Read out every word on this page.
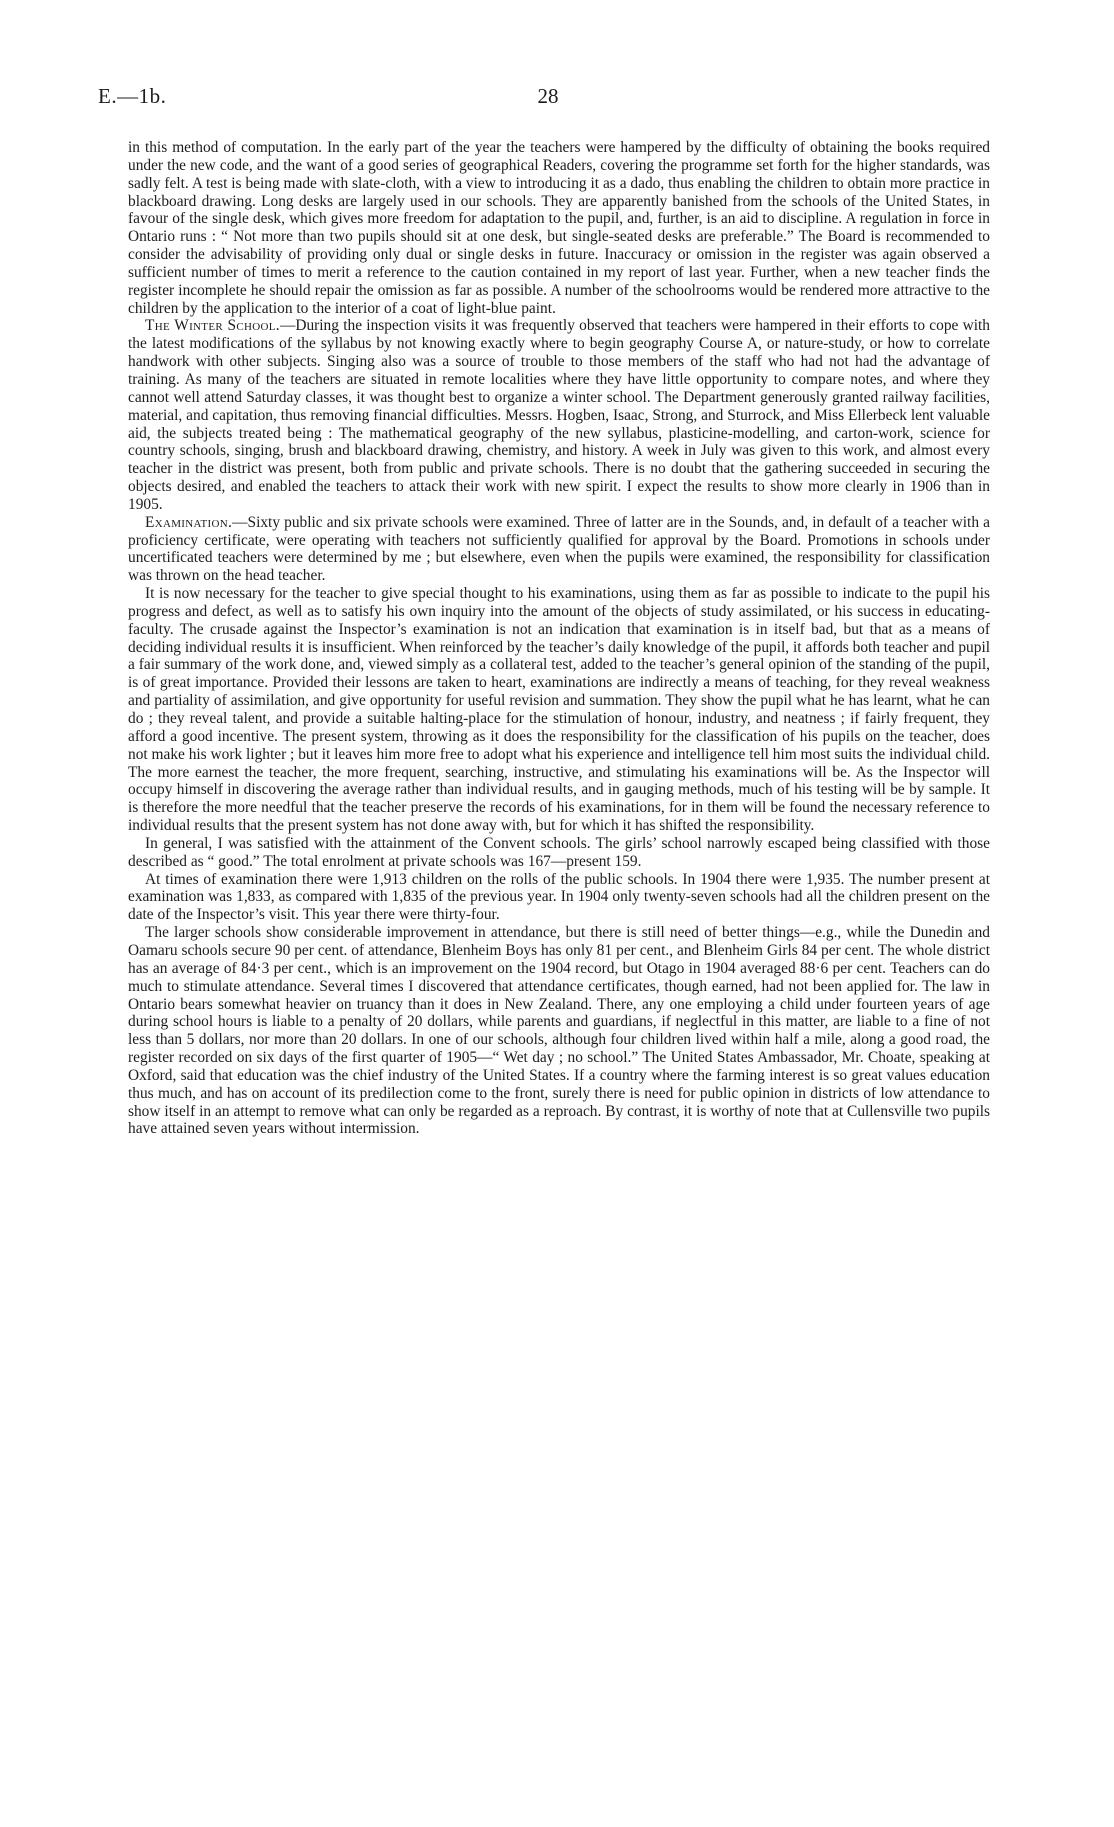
E.—1b.	28

in this method of computation. In the early part of the year the teachers were hampered by the difficulty of obtaining the books required under the new code, and the want of a good series of geographical Readers, covering the programme set forth for the higher standards, was sadly felt. A test is being made with slate-cloth, with a view to introducing it as a dado, thus enabling the children to obtain more practice in blackboard drawing. Long desks are largely used in our schools. They are apparently banished from the schools of the United States, in favour of the single desk, which gives more freedom for adaptation to the pupil, and, further, is an aid to discipline. A regulation in force in Ontario runs : “ Not more than two pupils should sit at one desk, but single-seated desks are preferable.” The Board is recommended to consider the advisability of providing only dual or single desks in future. Inaccuracy or omission in the register was again observed a sufficient number of times to merit a reference to the caution contained in my report of last year. Further, when a new teacher finds the register incomplete he should repair the omission as far as possible. A number of the schoolrooms would be rendered more attractive to the children by the application to the interior of a coat of light-blue paint.

The Winter School.—During the inspection visits it was frequently observed that teachers were hampered in their efforts to cope with the latest modifications of the syllabus by not knowing exactly where to begin geography Course A, or nature-study, or how to correlate handwork with other subjects. Singing also was a source of trouble to those members of the staff who had not had the advantage of training. As many of the teachers are situated in remote localities where they have little opportunity to compare notes, and where they cannot well attend Saturday classes, it was thought best to organize a winter school. The Department generously granted railway facilities, material, and capitation, thus removing financial difficulties. Messrs. Hogben, Isaac, Strong, and Sturrock, and Miss Ellerbeck lent valuable aid, the subjects treated being : The mathematical geography of the new syllabus, plasticine-modelling, and carton-work, science for country schools, singing, brush and blackboard drawing, chemistry, and history. A week in July was given to this work, and almost every teacher in the district was present, both from public and private schools. There is no doubt that the gathering succeeded in securing the objects desired, and enabled the teachers to attack their work with new spirit. I expect the results to show more clearly in 1906 than in 1905.

Examination.—Sixty public and six private schools were examined. Three of latter are in the Sounds, and, in default of a teacher with a proficiency certificate, were operating with teachers not sufficiently qualified for approval by the Board. Promotions in schools under uncertificated teachers were determined by me ; but elsewhere, even when the pupils were examined, the responsibility for classification was thrown on the head teacher.

It is now necessary for the teacher to give special thought to his examinations, using them as far as possible to indicate to the pupil his progress and defect, as well as to satisfy his own inquiry into the amount of the objects of study assimilated, or his success in educating-faculty. The crusade against the Inspector’s examination is not an indication that examination is in itself bad, but that as a means of deciding individual results it is insufficient. When reinforced by the teacher’s daily knowledge of the pupil, it affords both teacher and pupil a fair summary of the work done, and, viewed simply as a collateral test, added to the teacher’s general opinion of the standing of the pupil, is of great importance. Provided their lessons are taken to heart, examinations are indirectly a means of teaching, for they reveal weakness and partiality of assimilation, and give opportunity for useful revision and summation. They show the pupil what he has learnt, what he can do ; they reveal talent, and provide a suitable halting-place for the stimulation of honour, industry, and neatness ; if fairly frequent, they afford a good incentive. The present system, throwing as it does the responsibility for the classification of his pupils on the teacher, does not make his work lighter ; but it leaves him more free to adopt what his experience and intelligence tell him most suits the individual child. The more earnest the teacher, the more frequent, searching, instructive, and stimulating his examinations will be. As the Inspector will occupy himself in discovering the average rather than individual results, and in gauging methods, much of his testing will be by sample. It is therefore the more needful that the teacher preserve the records of his examinations, for in them will be found the necessary reference to individual results that the present system has not done away with, but for which it has shifted the responsibility.

In general, I was satisfied with the attainment of the Convent schools. The girls’ school narrowly escaped being classified with those described as “ good.” The total enrolment at private schools was 167—present 159.

At times of examination there were 1,913 children on the rolls of the public schools. In 1904 there were 1,935. The number present at examination was 1,833, as compared with 1,835 of the previous year. In 1904 only twenty-seven schools had all the children present on the date of the Inspector’s visit. This year there were thirty-four.

The larger schools show considerable improvement in attendance, but there is still need of better things—e.g., while the Dunedin and Oamaru schools secure 90 per cent. of attendance, Blenheim Boys has only 81 per cent., and Blenheim Girls 84 per cent. The whole district has an average of 84·3 per cent., which is an improvement on the 1904 record, but Otago in 1904 averaged 88·6 per cent. Teachers can do much to stimulate attendance. Several times I discovered that attendance certificates, though earned, had not been applied for. The law in Ontario bears somewhat heavier on truancy than it does in New Zealand. There, any one employing a child under fourteen years of age during school hours is liable to a penalty of 20 dollars, while parents and guardians, if neglectful in this matter, are liable to a fine of not less than 5 dollars, nor more than 20 dollars. In one of our schools, although four children lived within half a mile, along a good road, the register recorded on six days of the first quarter of 1905—“ Wet day ; no school.” The United States Ambassador, Mr. Choate, speaking at Oxford, said that education was the chief industry of the United States. If a country where the farming interest is so great values education thus much, and has on account of its predilection come to the front, surely there is need for public opinion in districts of low attendance to show itself in an attempt to remove what can only be regarded as a reproach. By contrast, it is worthy of note that at Cullensville two pupils have attained seven years without intermission.
